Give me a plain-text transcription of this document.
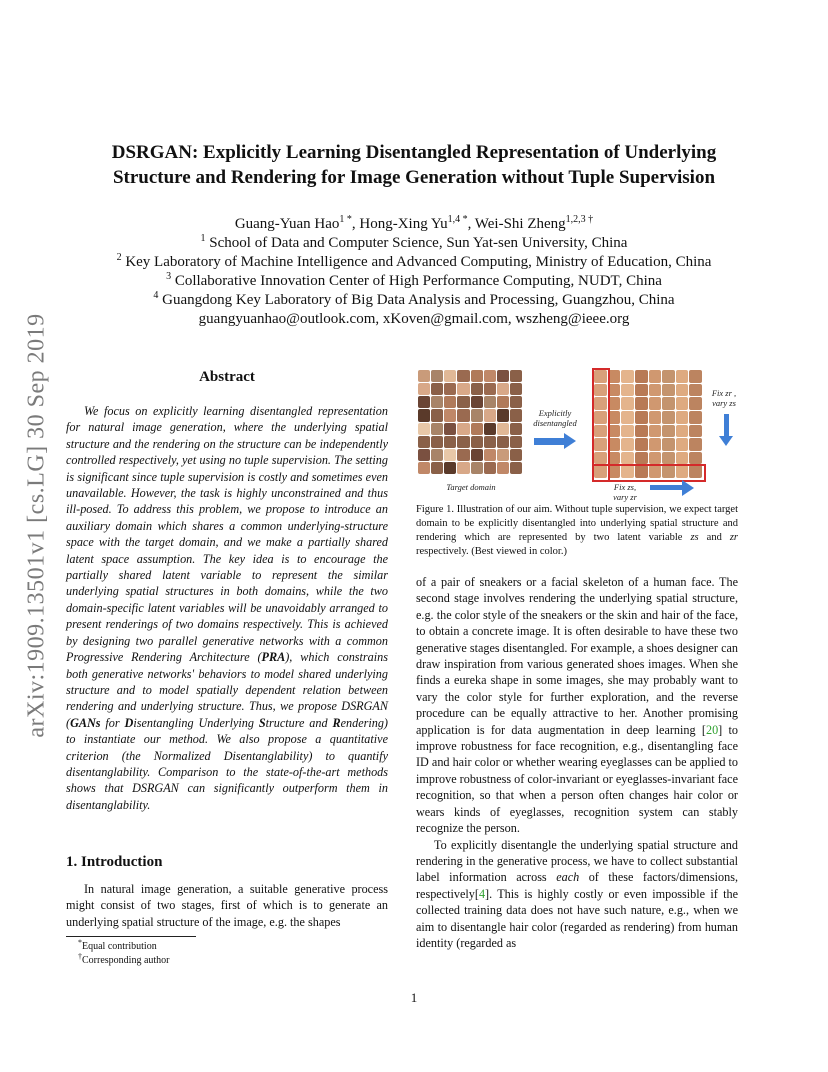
arXiv:1909.13501v1 [cs.LG] 30 Sep 2019
DSRGAN: Explicitly Learning Disentangled Representation of Underlying
Structure and Rendering for Image Generation without Tuple Supervision
Guang-Yuan Hao$^{1 *}$, Hong-Xing $Yu^{1,4 *}$, Wei-Shi Zheng$^{1,2,3 \dagger}$
$^1$ School of Data and Computer Science, Sun Yat-sen University, China
$^2$ Key Laboratory of Machine Intelligence and Advanced Computing, Ministry of Education, China
$^3$ Collaborative Innovation Center of High Performance Computing, NUDT, China
$^4$ Guangdong Key Laboratory of Big Data Analysis and Processing, Guangzhou, China
guangyuanhao@outlook.com, xKoven@gmail.com, wszheng@ieee.org
Abstract

We focus on explicitly learning disentangled representation for natural image generation, where the underlying spatial structure and the rendering on the structure can be independently controlled respectively, yet using no tuple supervision. The setting is significant since tuple supervision is costly and sometimes even unavailable. However, the task is highly unconstrained and thus ill-posed. To address this problem, we propose to introduce an auxiliary domain which shares a common underlying-structure space with the target domain, and we make a partially shared latent space assumption. The key idea is to encourage the partially shared latent variable to represent the similar underlying spatial structures in both domains, while the two domain-specific latent variables will be unavoidably arranged to present renderings of two domains respectively. This is achieved by designing two parallel generative networks with a common Progressive Rendering Architecture (PRA), which constrains both generative networks' behaviors to model shared underlying structure and to model spatially dependent relation between rendering and underlying structure. Thus, we propose DSRGAN (GANs for Disentangling Underlying Structure and Rendering) to instantiate our method. We also propose a quantitative criterion (the Normalized Disentanglability) to quantify disentanglability. Comparison to the state-of-the-art methods shows that DSRGAN can significantly outperform them in disentanglability.

1. Introduction

In natural image generation, a suitable generative process might consist of two stages, first of which is to generate an underlying spatial structure of the image, e.g. the shapes

*Equal contribution
†Corresponding author
Target domain
Explicitly
disentangled
Fix zr ,
vary zs
Fix zs,
vary zr
Figure 1. Illustration of our aim. Without tuple supervision, we expect target domain to be explicitly disentangled into underlying spatial structure and rendering which are represented by two latent variable zs and zr respectively. (Best viewed in color.)

of a pair of sneakers or a facial skeleton of a human face. The second stage involves rendering the underlying spatial structure, e.g. the color style of the sneakers or the skin and hair of the face, to obtain a concrete image. It is often desirable to have these two generative stages disentangled. For example, a shoes designer can draw inspiration from various generated shoes images. When she finds a eureka shape in some images, she may probably want to vary the color style for further exploration, and the reverse procedure can be equally attractive to her. Another promising application is for data augmentation in deep learning [20] to improve robustness for face recognition, e.g., disentangling face ID and hair color or whether wearing eyeglasses can be applied to improve robustness of color-invariant or eyeglasses-invariant face recognition, so that when a person often changes hair color or wears kinds of eyeglasses, recognition system can stably recognize the person.

To explicitly disentangle the underlying spatial structure and rendering in the generative process, we have to collect substantial label information across each of these factors/dimensions, respectively[4]. This is highly costly or even impossible if the collected training data does not have such nature, e.g., when we aim to disentangle hair color (regarded as rendering) from human identity (regarded as

1
